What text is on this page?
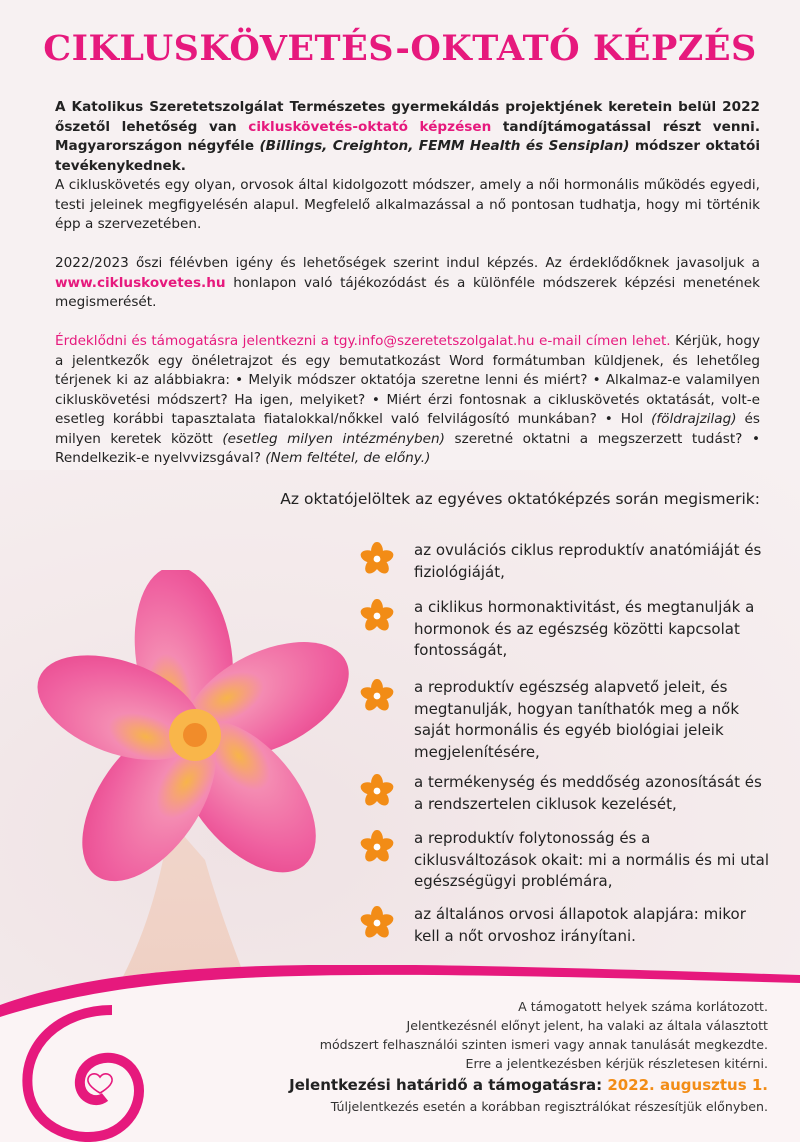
CIKLUSKÖVETÉS-OKTATÓ KÉPZÉS

A Katolikus Szeretetszolgálat Természetes gyermekáldás projektjének keretein belül 2022 őszetől lehetőség van cikluskövetés-oktató képzésen tandíjtámogatással részt venni. Magyarországon négyféle (Billings, Creighton, FEMM Health és Sensiplan) módszer oktatói tevékenykednek.

A cikluskövetés egy olyan, orvosok által kidolgozott módszer, amely a női hormonális működés egyedi, testi jeleinek megfigyelésén alapul. Megfelelő alkalmazással a nő pontosan tudhatja, hogy mi történik épp a szervezetében.

2022/2023 őszi félévben igény és lehetőségek szerint indul képzés. Az érdeklődőknek javasoljuk a www.cikluskovetes.hu honlapon való tájékozódást és a különféle módszerek képzési menetének megismerését.

Érdeklődni és támogatásra jelentkezni a tgy.info@szeretetszolgalat.hu e-mail címen lehet. Kérjük, hogy a jelentkezők egy önéletrajzot és egy bemutatkozást Word formátumban küldjenek, és lehetőleg térjenek ki az alábbiakra: • Melyik módszer oktatója szeretne lenni és miért? • Alkalmaz-e valamilyen cikluskövetési módszert? Ha igen, melyiket? • Miért érzi fontosnak a cikluskövetés oktatását, volt-e esetleg korábbi tapasztalata fiatalokkal/nőkkel való felvilágosító munkában? • Hol (földrajzilag) és milyen keretek között (esetleg milyen intézményben) szeretné oktatni a megszerzett tudást? • Rendelkezik-e nyelvvizsgával? (Nem feltétel, de előny.)

Az oktatójelöltek az egyéves oktatóképzés során megismerik:

az ovulációs ciklus reproduktív anatómiáját és fiziológiáját,
a ciklikus hormonaktivitást, és megtanulják a hormonok és az egészség közötti kapcsolat fontosságát,
a reproduktív egészség alapvető jeleit, és megtanulják, hogyan taníthatók meg a nők saját hormonális és egyéb biológiai jeleik megjelenítésére,
a termékenység és meddőség azonosítását és a rendszertelen ciklusok kezelését,
a reproduktív folytonosság és a ciklusváltozások okait: mi a normális és mi utal egészségügyi problémára,
az általános orvosi állapotok alapjára: mikor kell a nőt orvoshoz irányítani.

A támogatott helyek száma korlátozott.

Jelentkezésnél előnyt jelent, ha valaki az általa választott

módszert felhasználói szinten ismeri vagy annak tanulását megkezdte.

Erre a jelentkezésben kérjük részletesen kitérni.

Jelentkezési határidő a támogatásra: 2022. augusztus 1.

Túljelentkezés esetén a korábban regisztrálókat részesítjük előnyben.
